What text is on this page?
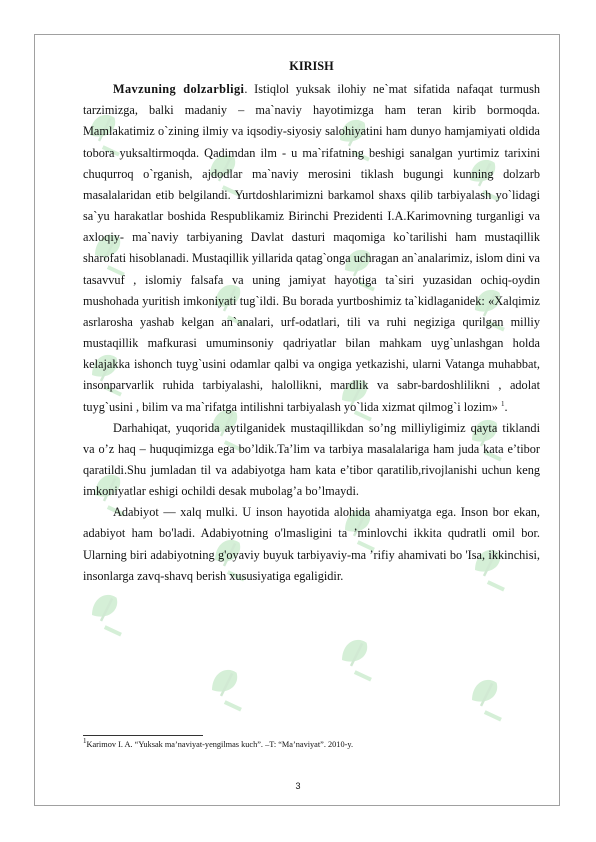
KIRISH

Mavzuning dolzarbligi. Istiqlol yuksak ilohiy ne`mat sifatida nafaqat turmush tarzimizga, balki madaniy – ma`naviy hayotimizga ham teran kirib bormoqda. Mamlakatimiz o`zining ilmiy va iqsodiy-siyosiy salohiyatini ham dunyo hamjamiyati oldida tobora yuksaltirmoqda. Qadimdan ilm - u ma`rifatning beshigi sanalgan yurtimiz tarixini chuqurroq o`rganish, ajdodlar ma`naviy merosini tiklash bugungi kunning dolzarb masalalaridan etib belgilandi. Yurtdoshlarimizni barkamol shaxs qilib tarbiyalash yo`lidagi sa`yu harakatlar boshida Respublikamiz Birinchi Prezidenti I.A.Karimovning turganligi va axloqiy- ma`naviy tarbiyaning Davlat dasturi maqomiga ko`tarilishi ham mustaqillik sharofati hisoblanadi. Mustaqillik yillarida qatag`onga uchragan an`analarimiz, islom dini va tasavvuf , islomiy falsafa va uning jamiyat hayotiga ta`siri yuzasidan ochiq-oydin mushohada yuritish imkoniyati tug`ildi. Bu borada yurtboshimiz ta`kidlaganidek: «Xalqimiz asrlarosha yashab kelgan an`analari, urf-odatlari, tili va ruhi negiziga qurilgan milliy mustaqillik mafkurasi umuminsoniy qadriyatlar bilan mahkam uyg`unlashgan holda kelajakka ishonch tuyg`usini odamlar qalbi va ongiga yetkazishi, ularni Vatanga muhabbat, insonparvarlik ruhida tarbiyalashi, halollikni, mardlik va sabr-bardoshlilikni , adolat tuyg`usini , bilim va ma`rifatga intilishni tarbiyalash yo`lida xizmat qilmog`i lozim» $^1$.

Darhahiqat, yuqorida aytilganidek mustaqillikdan so’ng milliyligimiz qayta tiklandi va o’z haq – huquqimizga ega bo’ldik.Ta’lim va tarbiya masalalariga ham juda kata e’tibor qaratildi.Shu jumladan til va adabiyotga ham kata e’tibor qaratilib,rivojlanishi uchun keng imkoniyatlar eshigi ochildi desak mubolag’a bo’lmaydi.

Adabiyot — xalq mulki. U inson hayotida alohida ahamiyatga ega. Inson bor ekan, adabiyot ham bo'ladi. Adabiyotning o'lmasligini ta ’minlovchi ikkita qudratli omil bor. Ularning biri adabiyotning g'oyaviy buyuk tarbiyaviy-ma ’rifiy ahamivati bo 'Isa, ikkinchisi, insonlarga zavq-shavq berish xususiyatiga egaligidir.

$^1$Karimov I. A. “Yuksak ma’naviyat-yengilmas kuch”. –T: “Ma’naviyat”. 2010-y.
3
